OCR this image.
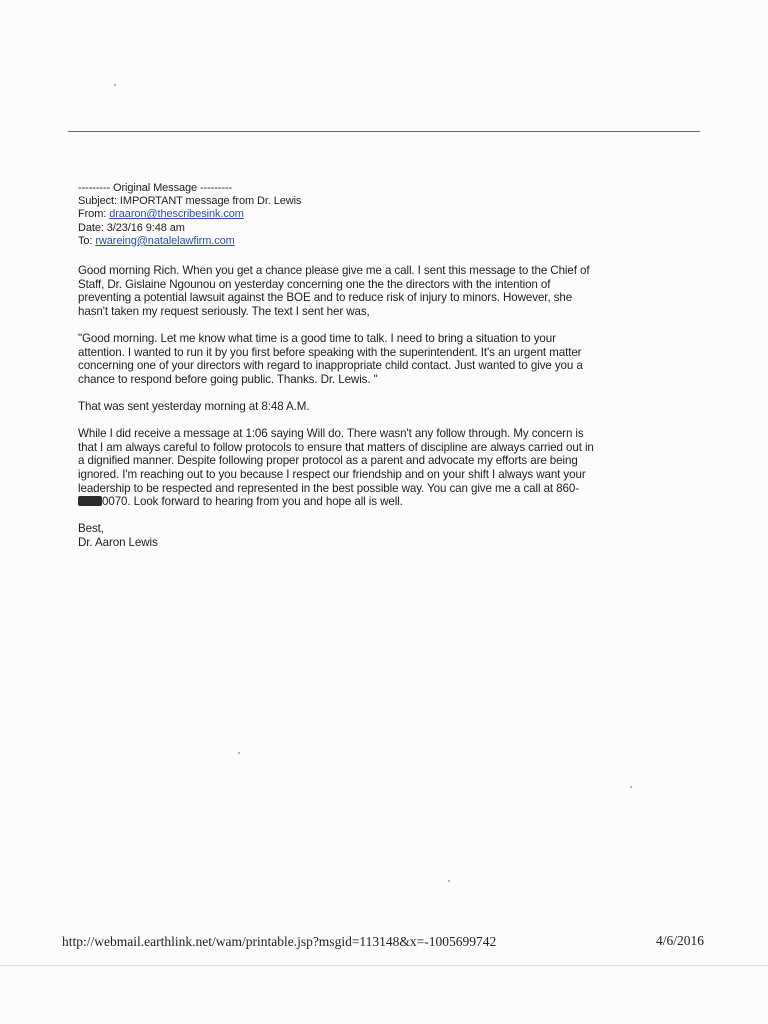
--------- Original Message ---------
Subject: IMPORTANT message from Dr. Lewis
From: draaron@thescribesink.com
Date: 3/23/16 9:48 am
To: rwareing@natalelawfirm.com
Good morning Rich. When you get a chance please give me a call. I sent this message to the Chief of
Staff, Dr. Gislaine Ngounou on yesterday concerning one the the directors with the intention of
preventing a potential lawsuit against the BOE and to reduce risk of injury to minors. However, she
hasn't taken my request seriously. The text I sent her was,
"Good morning. Let me know what time is a good time to talk. I need to bring a situation to your
attention. I wanted to run it by you first before speaking with the superintendent. It's an urgent matter
concerning one of your directors with regard to inappropriate child contact. Just wanted to give you a
chance to respond before going public. Thanks. Dr. Lewis. "
That was sent yesterday morning at 8:48 A.M.
While I did receive a message at 1:06 saying Will do. There wasn't any follow through. My concern is
that I am always careful to follow protocols to ensure that matters of discipline are always carried out in
a dignified manner. Despite following proper protocol as a parent and advocate my efforts are being
ignored. I'm reaching out to you because I respect our friendship and on your shift I always want your
leadership to be respected and represented in the best possible way. You can give me a call at 860-
0070. Look forward to hearing from you and hope all is well.
Best,
Dr. Aaron Lewis
http://webmail.earthlink.net/wam/printable.jsp?msgid=113148&x=-1005699742	4/6/2016
